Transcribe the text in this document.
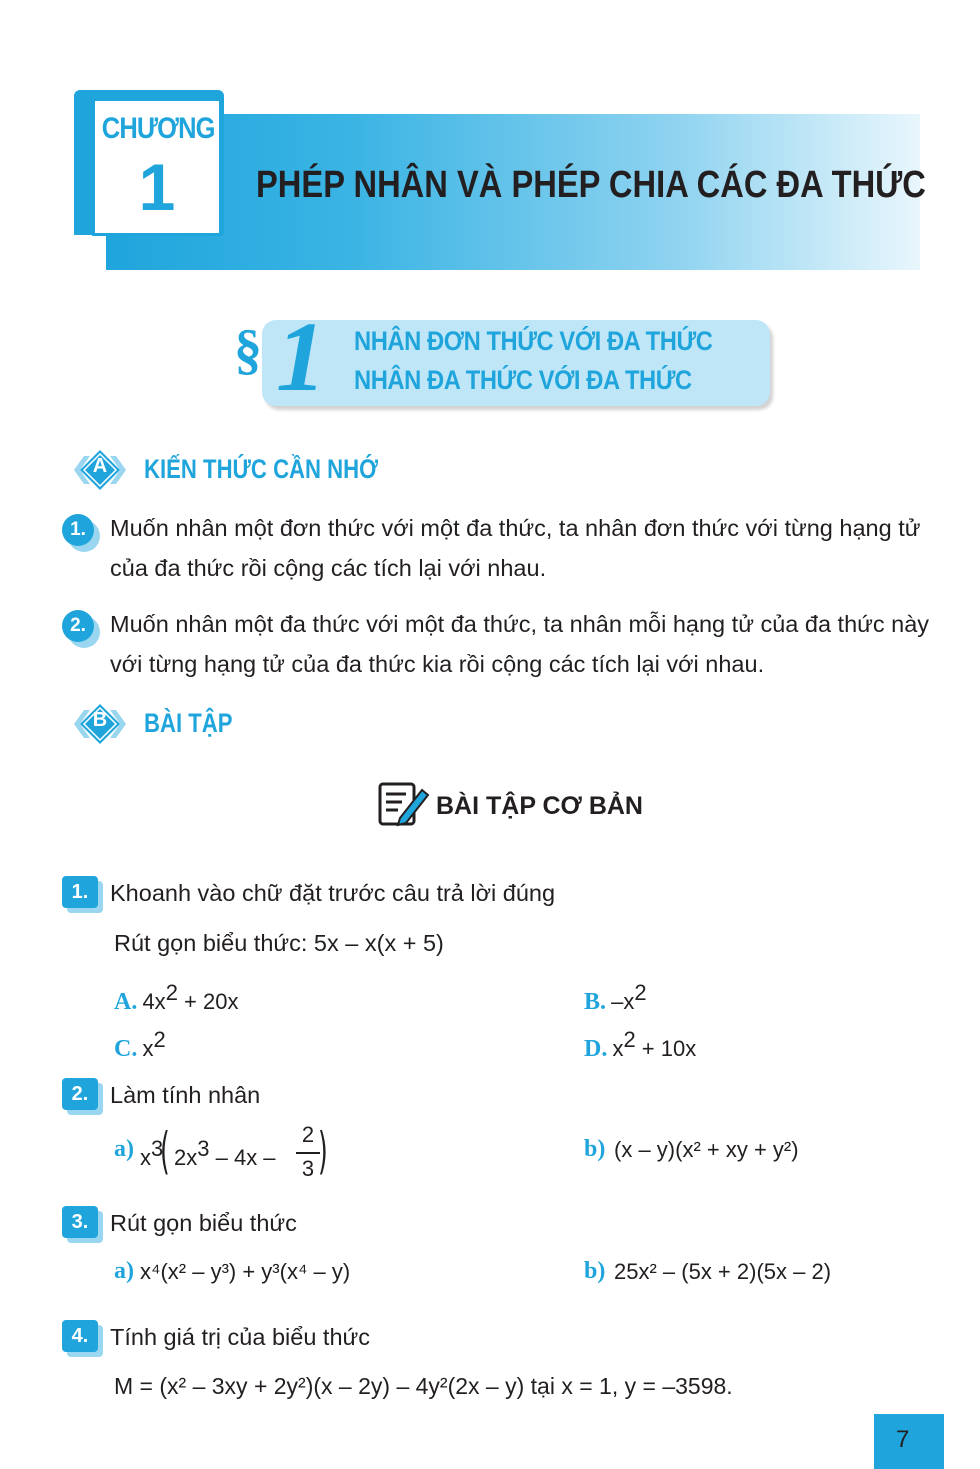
CHƯƠNG
1	PHÉP NHÂN VÀ PHÉP CHIA CÁC ĐA THỨC
§ 1 NHÂN ĐƠN THỨC VỚI ĐA THỨC
NHÂN ĐA THỨC VỚI ĐA THỨC
A KIẾN THỨC CẦN NHỚ
1.	Muốn nhân một đơn thức với một đa thức, ta nhân đơn thức với từng hạng tử của đa thức rồi cộng các tích lại với nhau.
2.	Muốn nhân một đa thức với một đa thức, ta nhân mỗi hạng tử của đa thức này với từng hạng tử của đa thức kia rồi cộng các tích lại với nhau.
B BÀI TẬP
BÀI TẬP CƠ BẢN
1. Khoanh vào chữ đặt trước câu trả lời đúng
Rút gọn biểu thức: 5x – x(x + 5)
A. $4x^2 + 20x$	B. $-x^2$
C. $x^2$	D. $x^2 + 10x$
2. Làm tính nhân
a) $x^3$
( $2x^3 - 4x$ –
2
3 )	b) (x – y)(x² + xy + y²)
3. Rút gọn biểu thức
a) x⁴(x² – y³) + y³(x⁴ – y)	b) 25x² – (5x + 2)(5x – 2)
4. Tính giá trị của biểu thức
M = (x² – 3xy + 2y²)(x – 2y) – 4y²(2x – y) tại x = 1, y = –3598.
7
